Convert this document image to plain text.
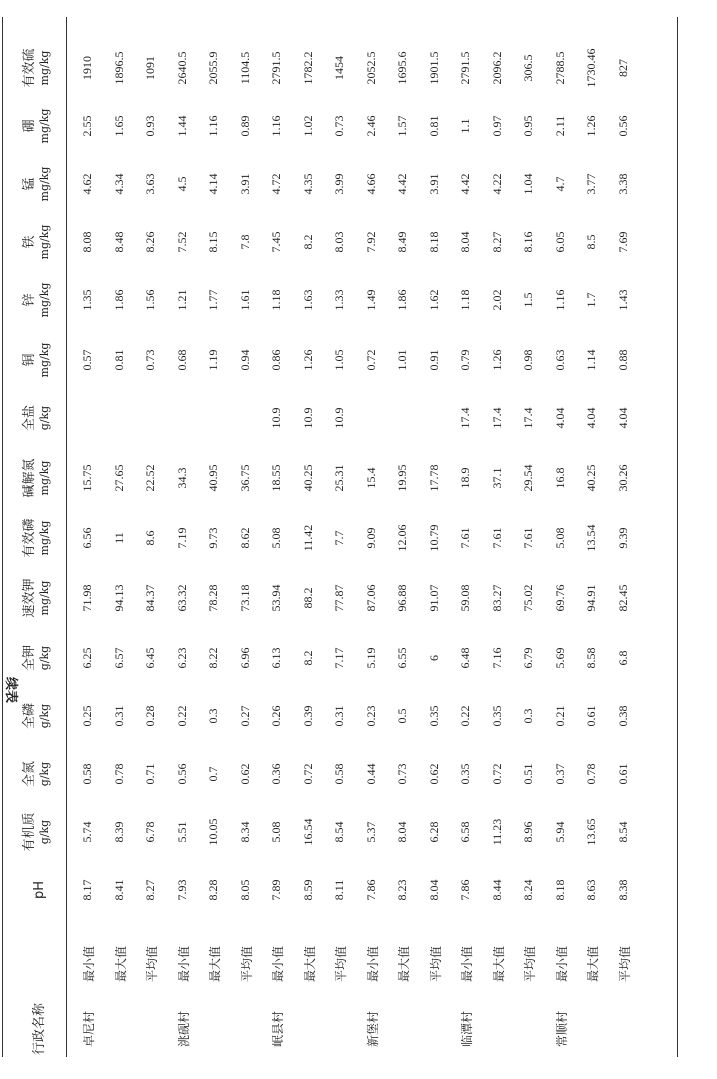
行政名称
pH
有机质 g/kg
全氮 g/kg
全磷 g/kg
全钾 g/kg
速效钾 mg/kg
有效磷 mg/kg
碱解氮 mg/kg
全盐 g/kg
铜 mg/kg
锌 mg/kg
铁 mg/kg
锰 mg/kg
硼 mg/kg
有效硫 mg/kg
卓尼村
最小值
8.17
5.74
0.58
0.25
6.25
71.98
6.56
15.75
0.57
1.35
8.08
4.62
2.55
1910
最大值
8.41
8.39
0.78
0.31
6.57
94.13
11
27.65
0.81
1.86
8.48
4.34
1.65
1896.5
平均值
8.27
6.78
0.71
0.28
6.45
84.37
8.6
22.52
0.73
1.56
8.26
3.63
0.93
1091
洮砚村
最小值
7.93
5.51
0.56
0.22
6.23
63.32
7.19
34.3
0.68
1.21
7.52
4.5
1.44
2640.5
最大值
8.28
10.05
0.7
0.3
8.22
78.28
9.73
40.95
1.19
1.77
8.15
4.14
1.16
2055.9
平均值
8.05
8.34
0.62
0.27
6.96
73.18
8.62
36.75
0.94
1.61
7.8
3.91
0.89
1104.5
岷县村
最小值
7.89
5.08
0.36
0.26
6.13
53.94
5.08
18.55
10.9
0.86
1.18
7.45
4.72
1.16
2791.5
最大值
8.59
16.54
0.72
0.39
8.2
88.2
11.42
40.25
10.9
1.26
1.63
8.2
4.35
1.02
1782.2
平均值
8.11
8.54
0.58
0.31
7.17
77.87
7.7
25.31
10.9
1.05
1.33
8.03
3.99
0.73
1454
新堡村
最小值
7.86
5.37
0.44
0.23
5.19
87.06
9.09
15.4
0.72
1.49
7.92
4.66
2.46
2052.5
最大值
8.23
8.04
0.73
0.5
6.55
96.88
12.06
19.95
1.01
1.86
8.49
4.42
1.57
1695.6
平均值
8.04
6.28
0.62
0.35
6
91.07
10.79
17.78
0.91
1.62
8.18
3.91
0.81
1901.5
临潭村
最小值
7.86
6.58
0.35
0.22
6.48
59.08
7.61
18.9
17.4
0.79
1.18
8.04
4.42
1.1
2791.5
最大值
8.44
11.23
0.72
0.35
7.16
83.27
7.61
37.1
17.4
1.26
2.02
8.27
4.22
0.97
2096.2
平均值
8.24
8.96
0.51
0.3
6.79
75.02
7.61
29.54
17.4
0.98
1.5
8.16
1.04
0.95
306.5
常顺村
最小值
8.18
5.94
0.37
0.21
5.69
69.76
5.08
16.8
4.04
0.63
1.16
6.05
4.7
2.11
2788.5
最大值
8.63
13.65
0.78
0.61
8.58
94.91
13.54
40.25
4.04
1.14
1.7
8.5
3.77
1.26
1730.46
平均值
8.38
8.54
0.61
0.38
6.8
82.45
9.39
30.26
4.04
0.88
1.43
7.69
3.38
0.56
827
续表
